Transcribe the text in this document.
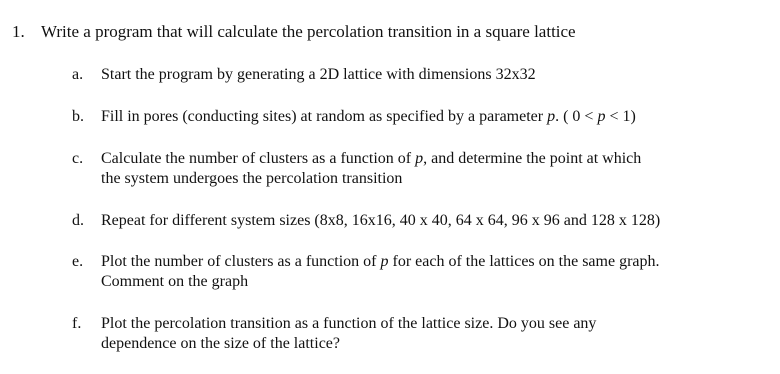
1. Write a program that will calculate the percolation transition in a square lattice
a. Start the program by generating a 2D lattice with dimensions 32x32
b. Fill in pores (conducting sites) at random as specified by a parameter p. ( 0 < p < 1)
c. Calculate the number of clusters as a function of p, and determine the point at which
the system undergoes the percolation transition
d. Repeat for different system sizes (8x8, 16x16, 40 x 40, 64 x 64, 96 x 96 and 128 x 128)
e. Plot the number of clusters as a function of p for each of the lattices on the same graph.
Comment on the graph
f. Plot the percolation transition as a function of the lattice size. Do you see any
dependence on the size of the lattice?
